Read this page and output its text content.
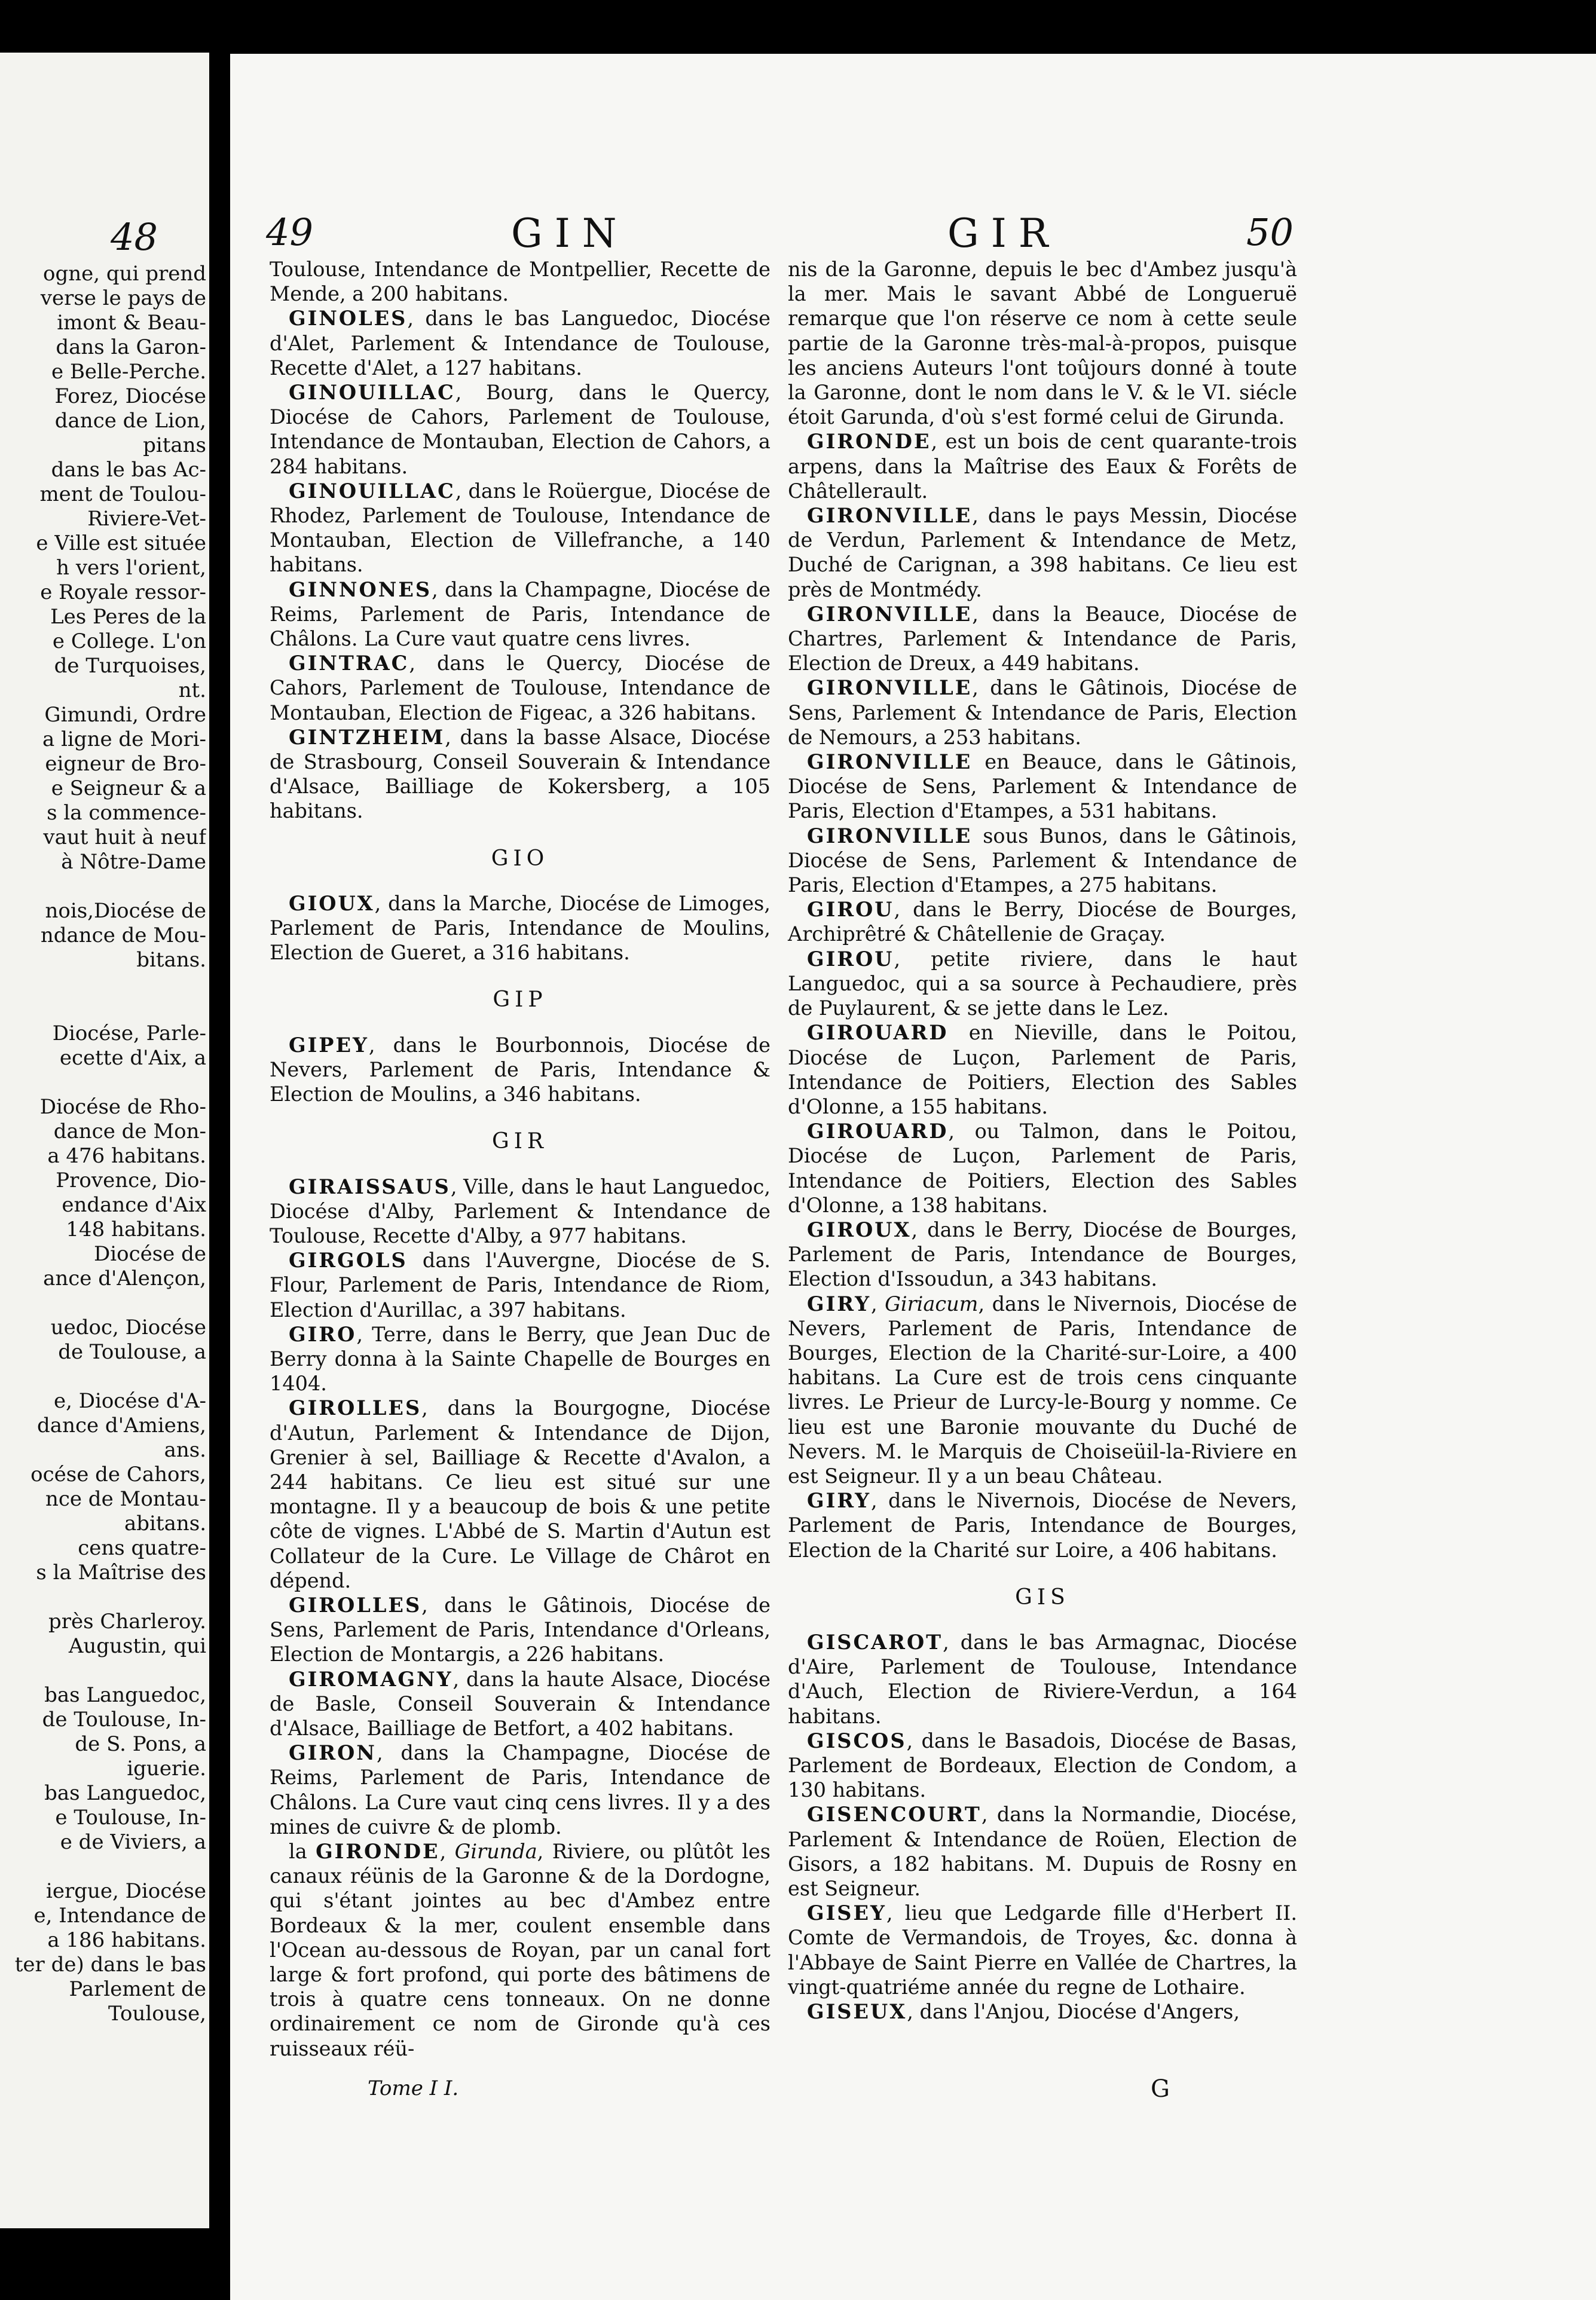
48
ogne, qui prend
verse le pays de
imont & Beau-
dans la Garon-
e Belle-Perche.
Forez, Diocése
dance de Lion,
pitans
dans le bas Ac-
ment de Toulou-
Riviere-Vet-
e Ville est située
h vers l'orient,
e Royale ressor-
Les Peres de la
e College. L'on
de Turquoises,
nt.
Gimundi, Ordre
a ligne de Mori-
eigneur de Bro-
e Seigneur & a
s la commence-
vaut huit à neuf
à Nôtre-Dame
nois,Diocése de
ndance de Mou-
bitans.
Diocése, Parle-
ecette d'Aix, a
Diocése de Rho-
dance de Mon-
a 476 habitans.
Provence, Dio-
endance d'Aix
148 habitans.
Diocése de
ance d'Alençon,
uedoc, Diocése
de Toulouse, a
e, Diocése d'A-
dance d'Amiens,
ans.
océse de Cahors,
nce de Montau-
abitans.
cens quatre-
s la Maîtrise des
près Charleroy.
Augustin, qui
bas Languedoc,
de Toulouse, In-
de S. Pons, a
iguerie.
bas Languedoc,
e Toulouse, In-
e de Viviers, a
iergue, Diocése
e, Intendance de
a 186 habitans.
ter de) dans le bas
Parlement de
Toulouse,
49	GIN	GIR	50

Toulouse, Intendance de Montpellier, Recette de Mende, a 200 habitans.

GINOLES, dans le bas Languedoc, Diocése d'Alet, Parlement & Intendance de Toulouse, Recette d'Alet, a 127 habitans.

GINOUILLAC, Bourg, dans le Quercy, Diocése de Cahors, Parlement de Toulouse, Intendance de Montauban, Election de Cahors, a 284 habitans.

GINOUILLAC, dans le Roüergue, Diocése de Rhodez, Parlement de Toulouse, Intendance de Montauban, Election de Villefranche, a 140 habitans.

GINNONES, dans la Champagne, Diocése de Reims, Parlement de Paris, Intendance de Châlons. La Cure vaut quatre cens livres.

GINTRAC, dans le Quercy, Diocése de Cahors, Parlement de Toulouse, Intendance de Montauban, Election de Figeac, a 326 habitans.

GINTZHEIM, dans la basse Alsace, Diocése de Strasbourg, Conseil Souverain & Intendance d'Alsace, Bailliage de Kokersberg, a 105 habitans.

GIO

GIOUX, dans la Marche, Diocése de Limoges, Parlement de Paris, Intendance de Moulins, Election de Gueret, a 316 habitans.

GIP

GIPEY, dans le Bourbonnois, Diocése de Nevers, Parlement de Paris, Intendance & Election de Moulins, a 346 habitans.

GIR

GIRAISSAUS, Ville, dans le haut Languedoc, Diocése d'Alby, Parlement & Intendance de Toulouse, Recette d'Alby, a 977 habitans.

GIRGOLS dans l'Auvergne, Diocése de S. Flour, Parlement de Paris, Intendance de Riom, Election d'Aurillac, a 397 habitans.

GIRO, Terre, dans le Berry, que Jean Duc de Berry donna à la Sainte Chapelle de Bourges en 1404.

GIROLLES, dans la Bourgogne, Diocése d'Autun, Parlement & Intendance de Dijon, Grenier à sel, Bailliage & Recette d'Avalon, a 244 habitans. Ce lieu est situé sur une montagne. Il y a beaucoup de bois & une petite côte de vignes. L'Abbé de S. Martin d'Autun est Collateur de la Cure. Le Village de Chârot en dépend.

GIROLLES, dans le Gâtinois, Diocése de Sens, Parlement de Paris, Intendance d'Orleans, Election de Montargis, a 226 habitans.

GIROMAGNY, dans la haute Alsace, Diocése de Basle, Conseil Souverain & Intendance d'Alsace, Bailliage de Betfort, a 402 habitans.

GIRON, dans la Champagne, Diocése de Reims, Parlement de Paris, Intendance de Châlons. La Cure vaut cinq cens livres. Il y a des mines de cuivre & de plomb.

la GIRONDE, Girunda, Riviere, ou plûtôt les canaux réünis de la Garonne & de la Dordogne, qui s'étant jointes au bec d'Ambez entre Bordeaux & la mer, coulent ensemble dans l'Ocean au-dessous de Royan, par un canal fort large & fort profond, qui porte des bâtimens de trois à quatre cens tonneaux. On ne donne ordinairement ce nom de Gironde qu'à ces ruisseaux réü-

nis de la Garonne, depuis le bec d'Ambez jusqu'à la mer. Mais le savant Abbé de Longueruë remarque que l'on réserve ce nom à cette seule partie de la Garonne très-mal-à-propos, puisque les anciens Auteurs l'ont toûjours donné à toute la Garonne, dont le nom dans le V. & le VI. siécle étoit Garunda, d'où s'est formé celui de Girunda.

GIRONDE, est un bois de cent quarante-trois arpens, dans la Maîtrise des Eaux & Forêts de Châtellerault.

GIRONVILLE, dans le pays Messin, Diocése de Verdun, Parlement & Intendance de Metz, Duché de Carignan, a 398 habitans. Ce lieu est près de Montmédy.

GIRONVILLE, dans la Beauce, Diocése de Chartres, Parlement & Intendance de Paris, Election de Dreux, a 449 habitans.

GIRONVILLE, dans le Gâtinois, Diocése de Sens, Parlement & Intendance de Paris, Election de Nemours, a 253 habitans.

GIRONVILLE en Beauce, dans le Gâtinois, Diocése de Sens, Parlement & Intendance de Paris, Election d'Etampes, a 531 habitans.

GIRONVILLE sous Bunos, dans le Gâtinois, Diocése de Sens, Parlement & Intendance de Paris, Election d'Etampes, a 275 habitans.

GIROU, dans le Berry, Diocése de Bourges, Archiprêtré & Châtellenie de Graçay.

GIROU, petite riviere, dans le haut Languedoc, qui a sa source à Pechaudiere, près de Puylaurent, & se jette dans le Lez.

GIROUARD en Nieville, dans le Poitou, Diocése de Luçon, Parlement de Paris, Intendance de Poitiers, Election des Sables d'Olonne, a 155 habitans.

GIROUARD, ou Talmon, dans le Poitou, Diocése de Luçon, Parlement de Paris, Intendance de Poitiers, Election des Sables d'Olonne, a 138 habitans.

GIROUX, dans le Berry, Diocése de Bourges, Parlement de Paris, Intendance de Bourges, Election d'Issoudun, a 343 habitans.

GIRY, Giriacum, dans le Nivernois, Diocése de Nevers, Parlement de Paris, Intendance de Bourges, Election de la Charité-sur-Loire, a 400 habitans. La Cure est de trois cens cinquante livres. Le Prieur de Lurcy-le-Bourg y nomme. Ce lieu est une Baronie mouvante du Duché de Nevers. M. le Marquis de Choiseüil-la-Riviere en est Seigneur. Il y a un beau Château.

GIRY, dans le Nivernois, Diocése de Nevers, Parlement de Paris, Intendance de Bourges, Election de la Charité sur Loire, a 406 habitans.

GIS

GISCAROT, dans le bas Armagnac, Diocése d'Aire, Parlement de Toulouse, Intendance d'Auch, Election de Riviere-Verdun, a 164 habitans.

GISCOS, dans le Basadois, Diocése de Basas, Parlement de Bordeaux, Election de Condom, a 130 habitans.

GISENCOURT, dans la Normandie, Diocése, Parlement & Intendance de Roüen, Election de Gisors, a 182 habitans. M. Dupuis de Rosny en est Seigneur.

GISEY, lieu que Ledgarde fille d'Herbert II. Comte de Vermandois, de Troyes, &c. donna à l'Abbaye de Saint Pierre en Vallée de Chartres, la vingt-quatriéme année du regne de Lothaire.

GISEUX, dans l'Anjou, Diocése d'Angers,

Tome I I.	G
